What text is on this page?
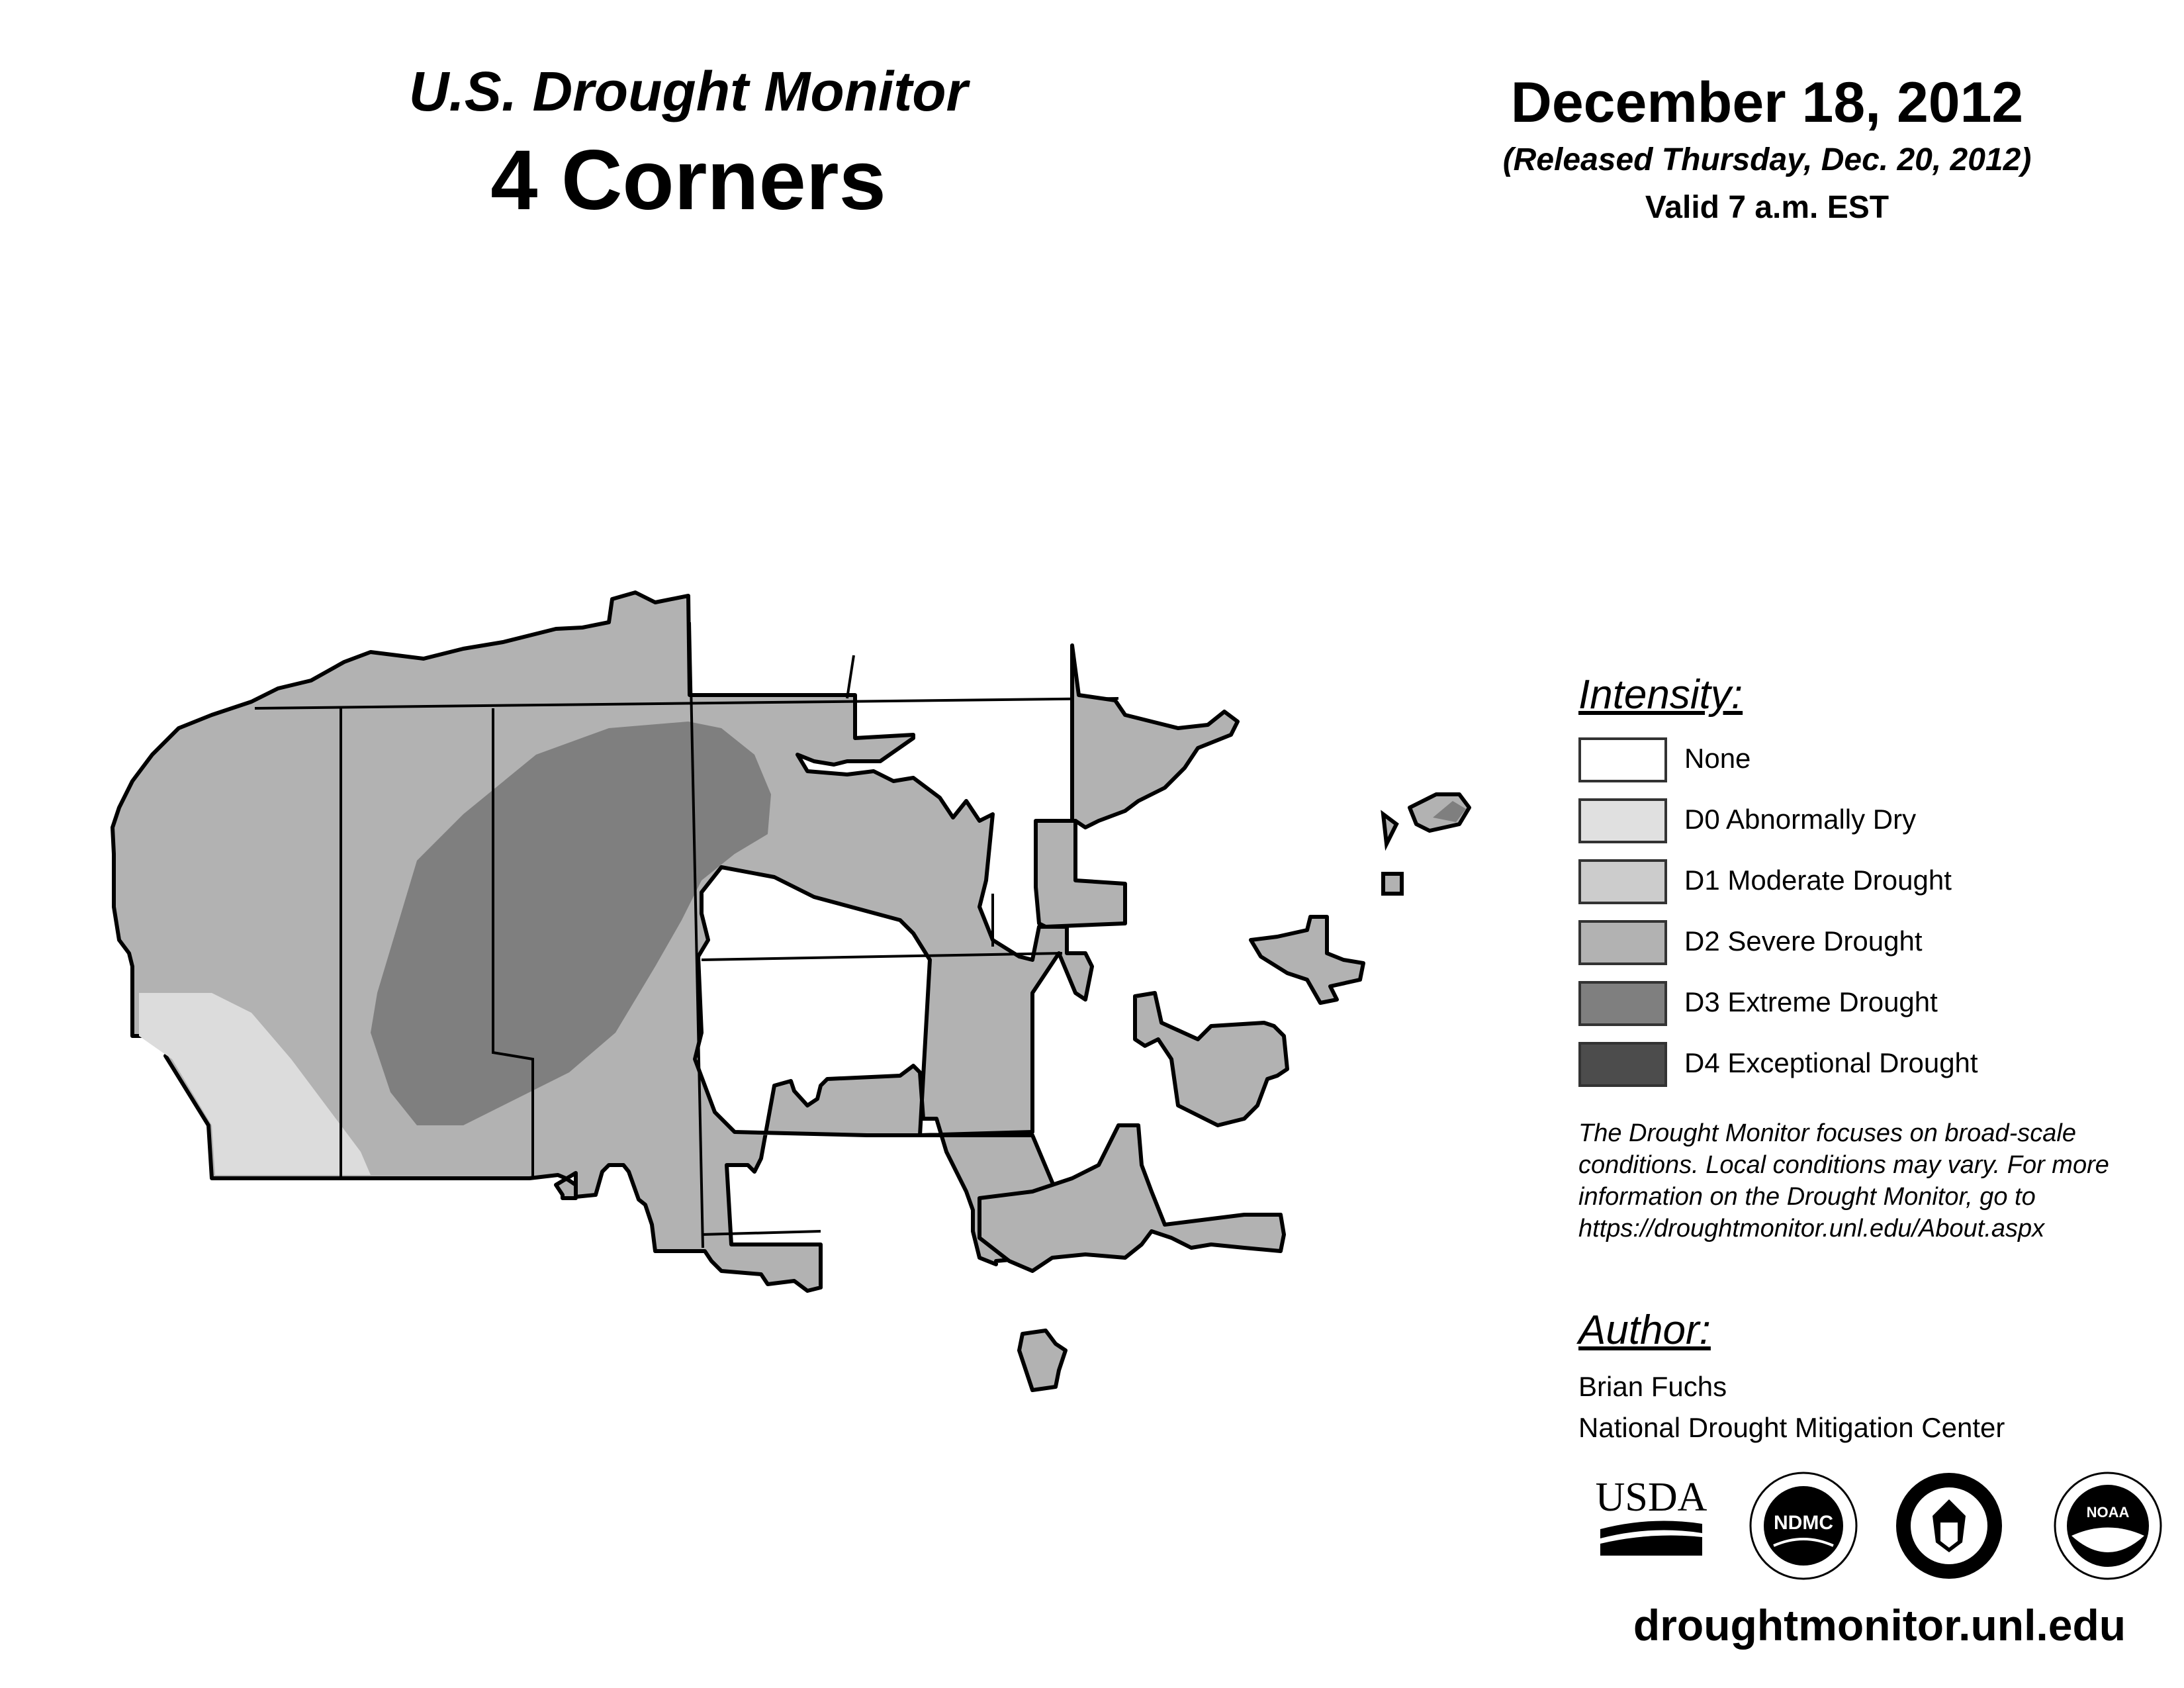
U.S. Drought Monitor
4 Corners
December 18, 2012
(Released Thursday, Dec. 20, 2012)
Valid 7 a.m. EST
Intensity:
None
D0 Abnormally Dry
D1 Moderate Drought
D2 Severe Drought
D3 Extreme Drought
D4 Exceptional Drought
The Drought Monitor focuses on broad-scale
conditions. Local conditions may vary. For more
information on the Drought Monitor, go to
https://droughtmonitor.unl.edu/About.aspx
Author:
Brian Fuchs
National Drought Mitigation Center
USDA
NDMC	NOAA
droughtmonitor.unl.edu
